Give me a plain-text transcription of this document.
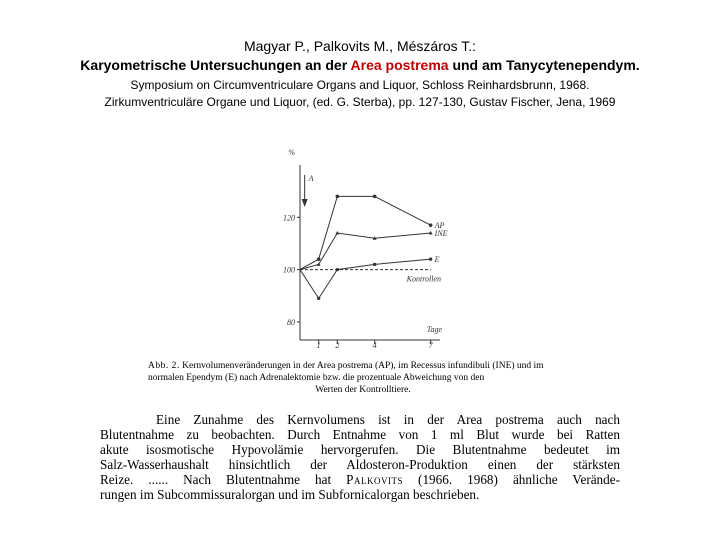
Magyar P., Palkovits M., Mészáros T.:
Karyometrische Untersuchungen an der Area postrema und am Tanycytenependym.
Symposium on Circumventriculare Organs and Liquor, Schloss Reinhardsbrunn, 1968.
Zirkumventriculäre Organe und Liquor, (ed. G. Sterba), pp. 127-130, Gustav Fischer, Jena, 1969
80
100
120
%
1 2	4	7
Tage
A
AP
INE
E
Kontrollen
Abb. 2. Kernvolumenveränderungen in der Area postrema (AP), im Recessus infundibuli (INE) und im normalen Ependym (E) nach Adrenalektomie bzw. die prozentuale Abweichung von den
Werten der Kontrolltiere.
Eine Zunahme des Kernvolumens ist in der Area postrema auch nach
Blutentnahme zu beobachten. Durch Entnahme von 1 ml Blut wurde bei Ratten
akute isosmotische Hypovolämie hervorgerufen. Die Blutentnahme bedeutet im
Salz-Wasserhaushalt hinsichtlich der Aldosteron-Produktion einen der stärksten
Reize. ...... Nach Blutentnahme hat Palkovits (1966. 1968) ähnliche Verände-
rungen im Subcommissuralorgan und im Subfornicalorgan beschrieben.
